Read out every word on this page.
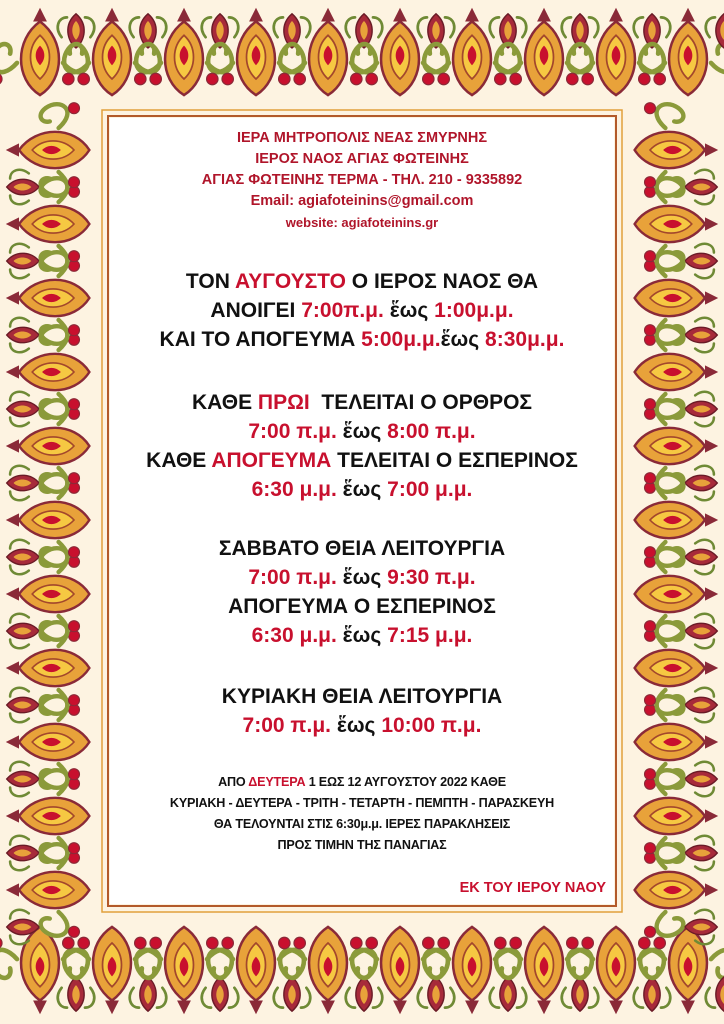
ΙΕΡΑ ΜΗΤΡΟΠΟΛΙΣ ΝΕΑΣ ΣΜΥΡΝΗΣ

ΙΕΡΟΣ ΝΑΟΣ ΑΓΙΑΣ ΦΩΤΕΙΝΗΣ

ΑΓΙΑΣ ΦΩΤΕΙΝΗΣ ΤΕΡΜΑ - ΤΗΛ. 210 - 9335892

Email: agiafoteinins@gmail.com

website: agiafoteinins.gr

ΤΟΝ ΑΥΓΟΥΣΤΟ Ο ΙΕΡΟΣ ΝΑΟΣ ΘΑ

ΑΝΟΙΓΕΙ 7:00π.μ. ἕως 1:00μ.μ.

ΚΑΙ ΤΟ ΑΠΟΓΕΥΜΑ 5:00μ.μ.ἕως 8:30μ.μ.

ΚΑΘΕ ΠΡΩΙ  ΤΕΛΕΙΤΑΙ Ο ΟΡΘΡΟΣ

7:00 π.μ. ἕως 8:00 π.μ.

ΚΑΘΕ ΑΠΟΓΕΥΜΑ ΤΕΛΕΙΤΑΙ Ο ΕΣΠΕΡΙΝΟΣ

6:30 μ.μ. ἕως 7:00 μ.μ.

ΣΑΒΒΑΤΟ ΘΕΙΑ ΛΕΙΤΟΥΡΓΙΑ

7:00 π.μ. ἕως 9:30 π.μ.

ΑΠΟΓΕΥΜΑ Ο ΕΣΠΕΡΙΝΟΣ

6:30 μ.μ. ἕως 7:15 μ.μ.

ΚΥΡΙΑΚΗ ΘΕΙΑ ΛΕΙΤΟΥΡΓΙΑ

7:00 π.μ. ἕως 10:00 π.μ.

ΑΠΟ ΔΕΥΤΕΡΑ 1 ΕΩΣ 12 ΑΥΓΟΥΣΤΟΥ 2022 ΚΑΘΕ

ΚΥΡΙΑΚΗ - ΔΕΥΤΕΡΑ - ΤΡΙΤΗ - ΤΕΤΑΡΤΗ - ΠΕΜΠΤΗ - ΠΑΡΑΣΚΕΥΗ

ΘΑ ΤΕΛΟΥΝΤΑΙ ΣΤΙΣ 6:30μ.μ. ΙΕΡΕΣ ΠΑΡΑΚΛΗΣΕΙΣ

ΠΡΟΣ ΤΙΜΗΝ ΤΗΣ ΠΑΝΑΓΙΑΣ

ΕΚ ΤΟΥ ΙΕΡΟΥ ΝΑΟΥ
